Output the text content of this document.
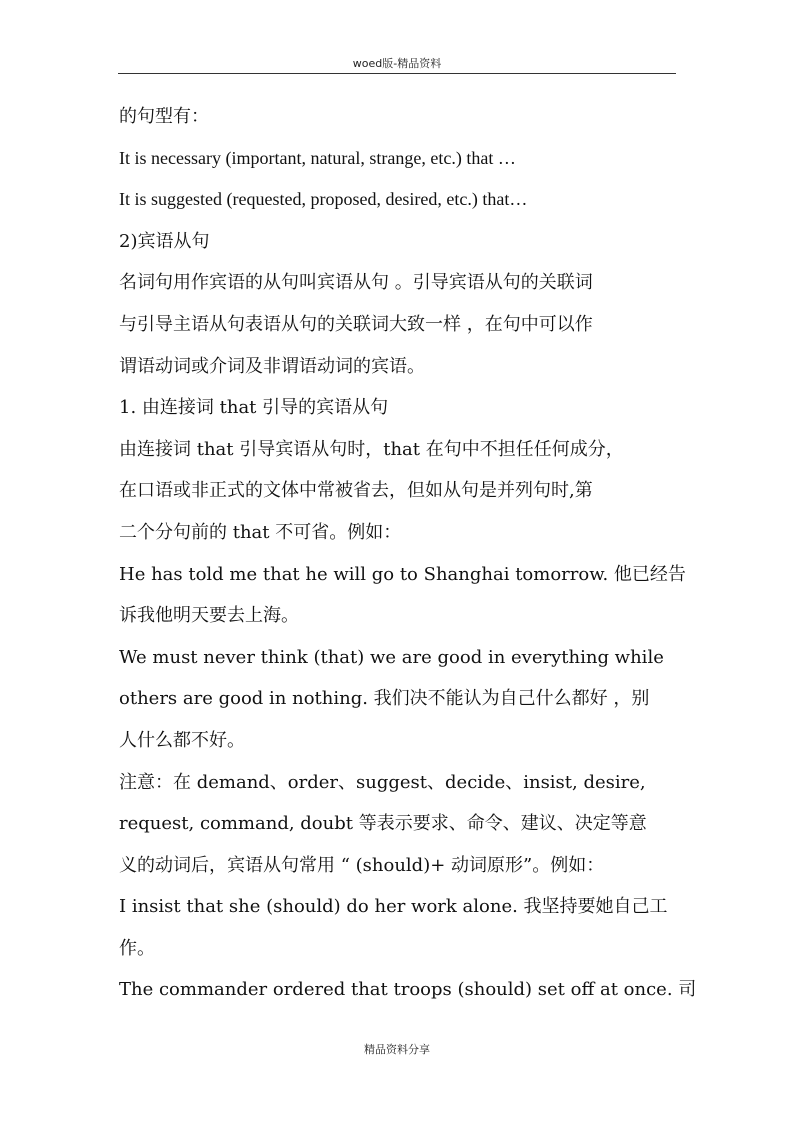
woed版-精品资料
的句型有：
It is necessary (important, natural, strange, etc.) that …
It is suggested (requested, proposed, desired, etc.) that…
2)宾语从句
名词句用作宾语的从句叫宾语从句 。引导宾语从句的关联词
与引导主语从句表语从句的关联词大致一样 ，在句中可以作
谓语动词或介词及非谓语动词的宾语。
1. 由连接词 that 引导的宾语从句
由连接词 that 引导宾语从句时，that 在句中不担任任何成分，
在口语或非正式的文体中常被省去，但如从句是并列句时,第
二个分句前的 that 不可省。例如：
He has told me that he will go to Shanghai tomorrow. 他已经告
诉我他明天要去上海。
We must never think (that) we are good in everything while
others are good in nothing. 我们决不能认为自己什么都好 ，别
人什么都不好。
注意：在 demand、order、suggest、decide、insist, desire,
request, command, doubt 等表示要求、命令、建议、决定等意
义的动词后，宾语从句常用 “ (should)+ 动词原形”。例如：
I insist that she (should) do her work alone. 我坚持要她自己工
作。
The commander ordered that troops (should) set off at once. 司
精品资料分享
